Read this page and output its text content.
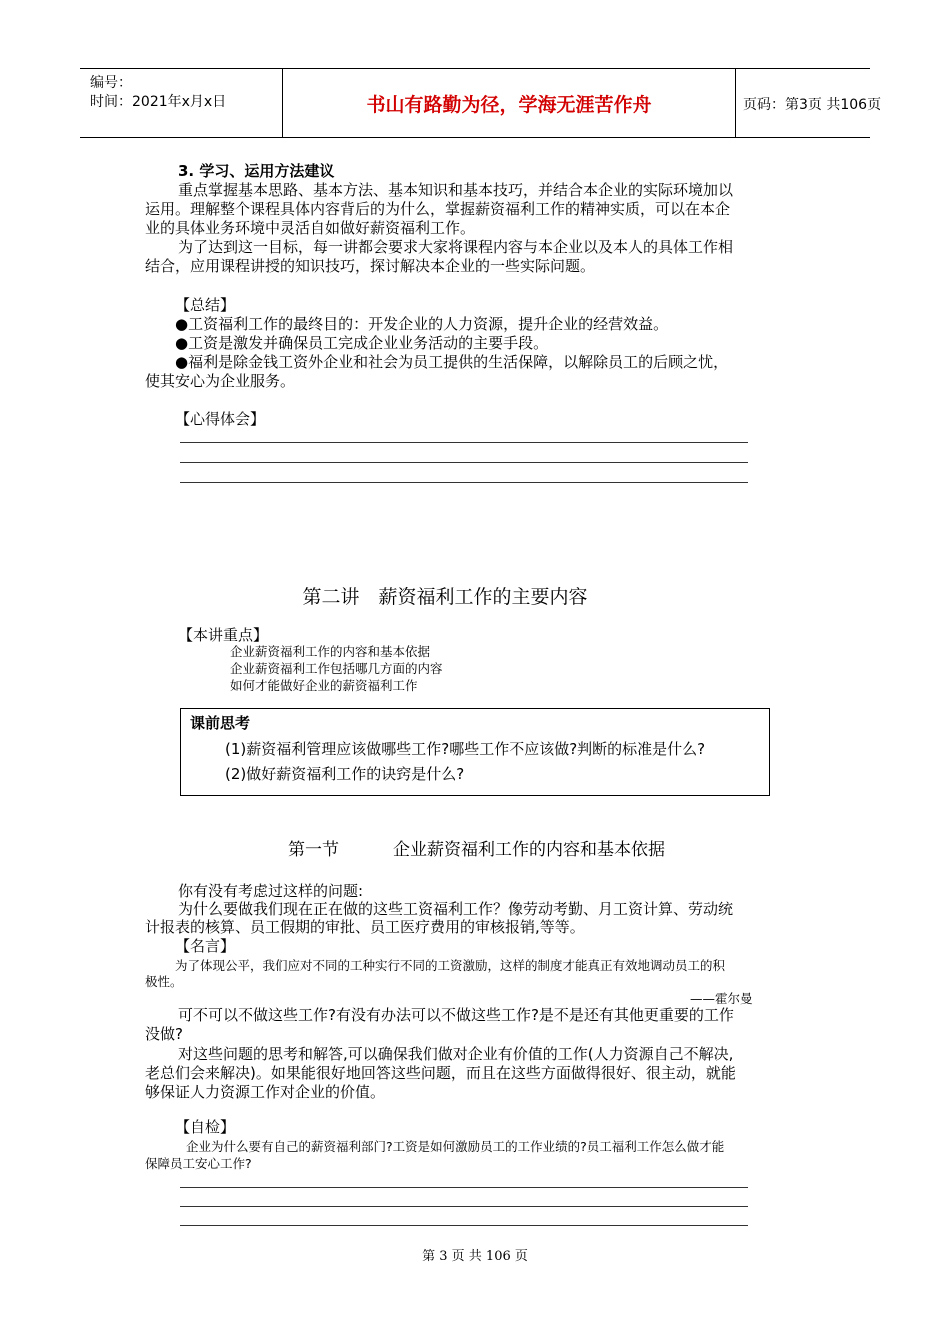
编号：
时间：2021年x月x日	书山有路勤为径，学海无涯苦作舟	页码：第3页 共106页
3. 学习、运用方法建议
重点掌握基本思路、基本方法、基本知识和基本技巧，并结合本企业的实际环境加以
运用。理解整个课程具体内容背后的为什么，掌握薪资福利工作的精神实质，可以在本企
业的具体业务环境中灵活自如做好薪资福利工作。
为了达到这一目标，每一讲都会要求大家将课程内容与本企业以及本人的具体工作相
结合，应用课程讲授的知识技巧，探讨解决本企业的一些实际问题。
【总结】
●工资福利工作的最终目的：开发企业的人力资源，提升企业的经营效益。
●工资是激发并确保员工完成企业业务活动的主要手段。
●福利是除金钱工资外企业和社会为员工提供的生活保障，以解除员工的后顾之忧，
使其安心为企业服务。
【心得体会】
第二讲　薪资福利工作的主要内容
【本讲重点】
企业薪资福利工作的内容和基本依据
企业薪资福利工作包括哪几方面的内容
如何才能做好企业的薪资福利工作
课前思考
(1)薪资福利管理应该做哪些工作?哪些工作不应该做?判断的标准是什么?
(2)做好薪资福利工作的诀窍是什么?
第一节	企业薪资福利工作的内容和基本依据
你有没有考虑过这样的问题:
为什么要做我们现在正在做的这些工资福利工作？像劳动考勤、月工资计算、劳动统
计报表的核算、员工假期的审批、员工医疗费用的审核报销,等等。
【名言】
为了体现公平，我们应对不同的工种实行不同的工资激励，这样的制度才能真正有效地调动员工的积
极性。
——霍尔曼
可不可以不做这些工作?有没有办法可以不做这些工作?是不是还有其他更重要的工作
没做?
对这些问题的思考和解答,可以确保我们做对企业有价值的工作(人力资源自己不解决,
老总们会来解决)。如果能很好地回答这些问题，而且在这些方面做得很好、很主动，就能
够保证人力资源工作对企业的价值。
【自检】
企业为什么要有自己的薪资福利部门?工资是如何激励员工的工作业绩的?员工福利工作怎么做才能
保障员工安心工作?
第 3 页 共 106 页
